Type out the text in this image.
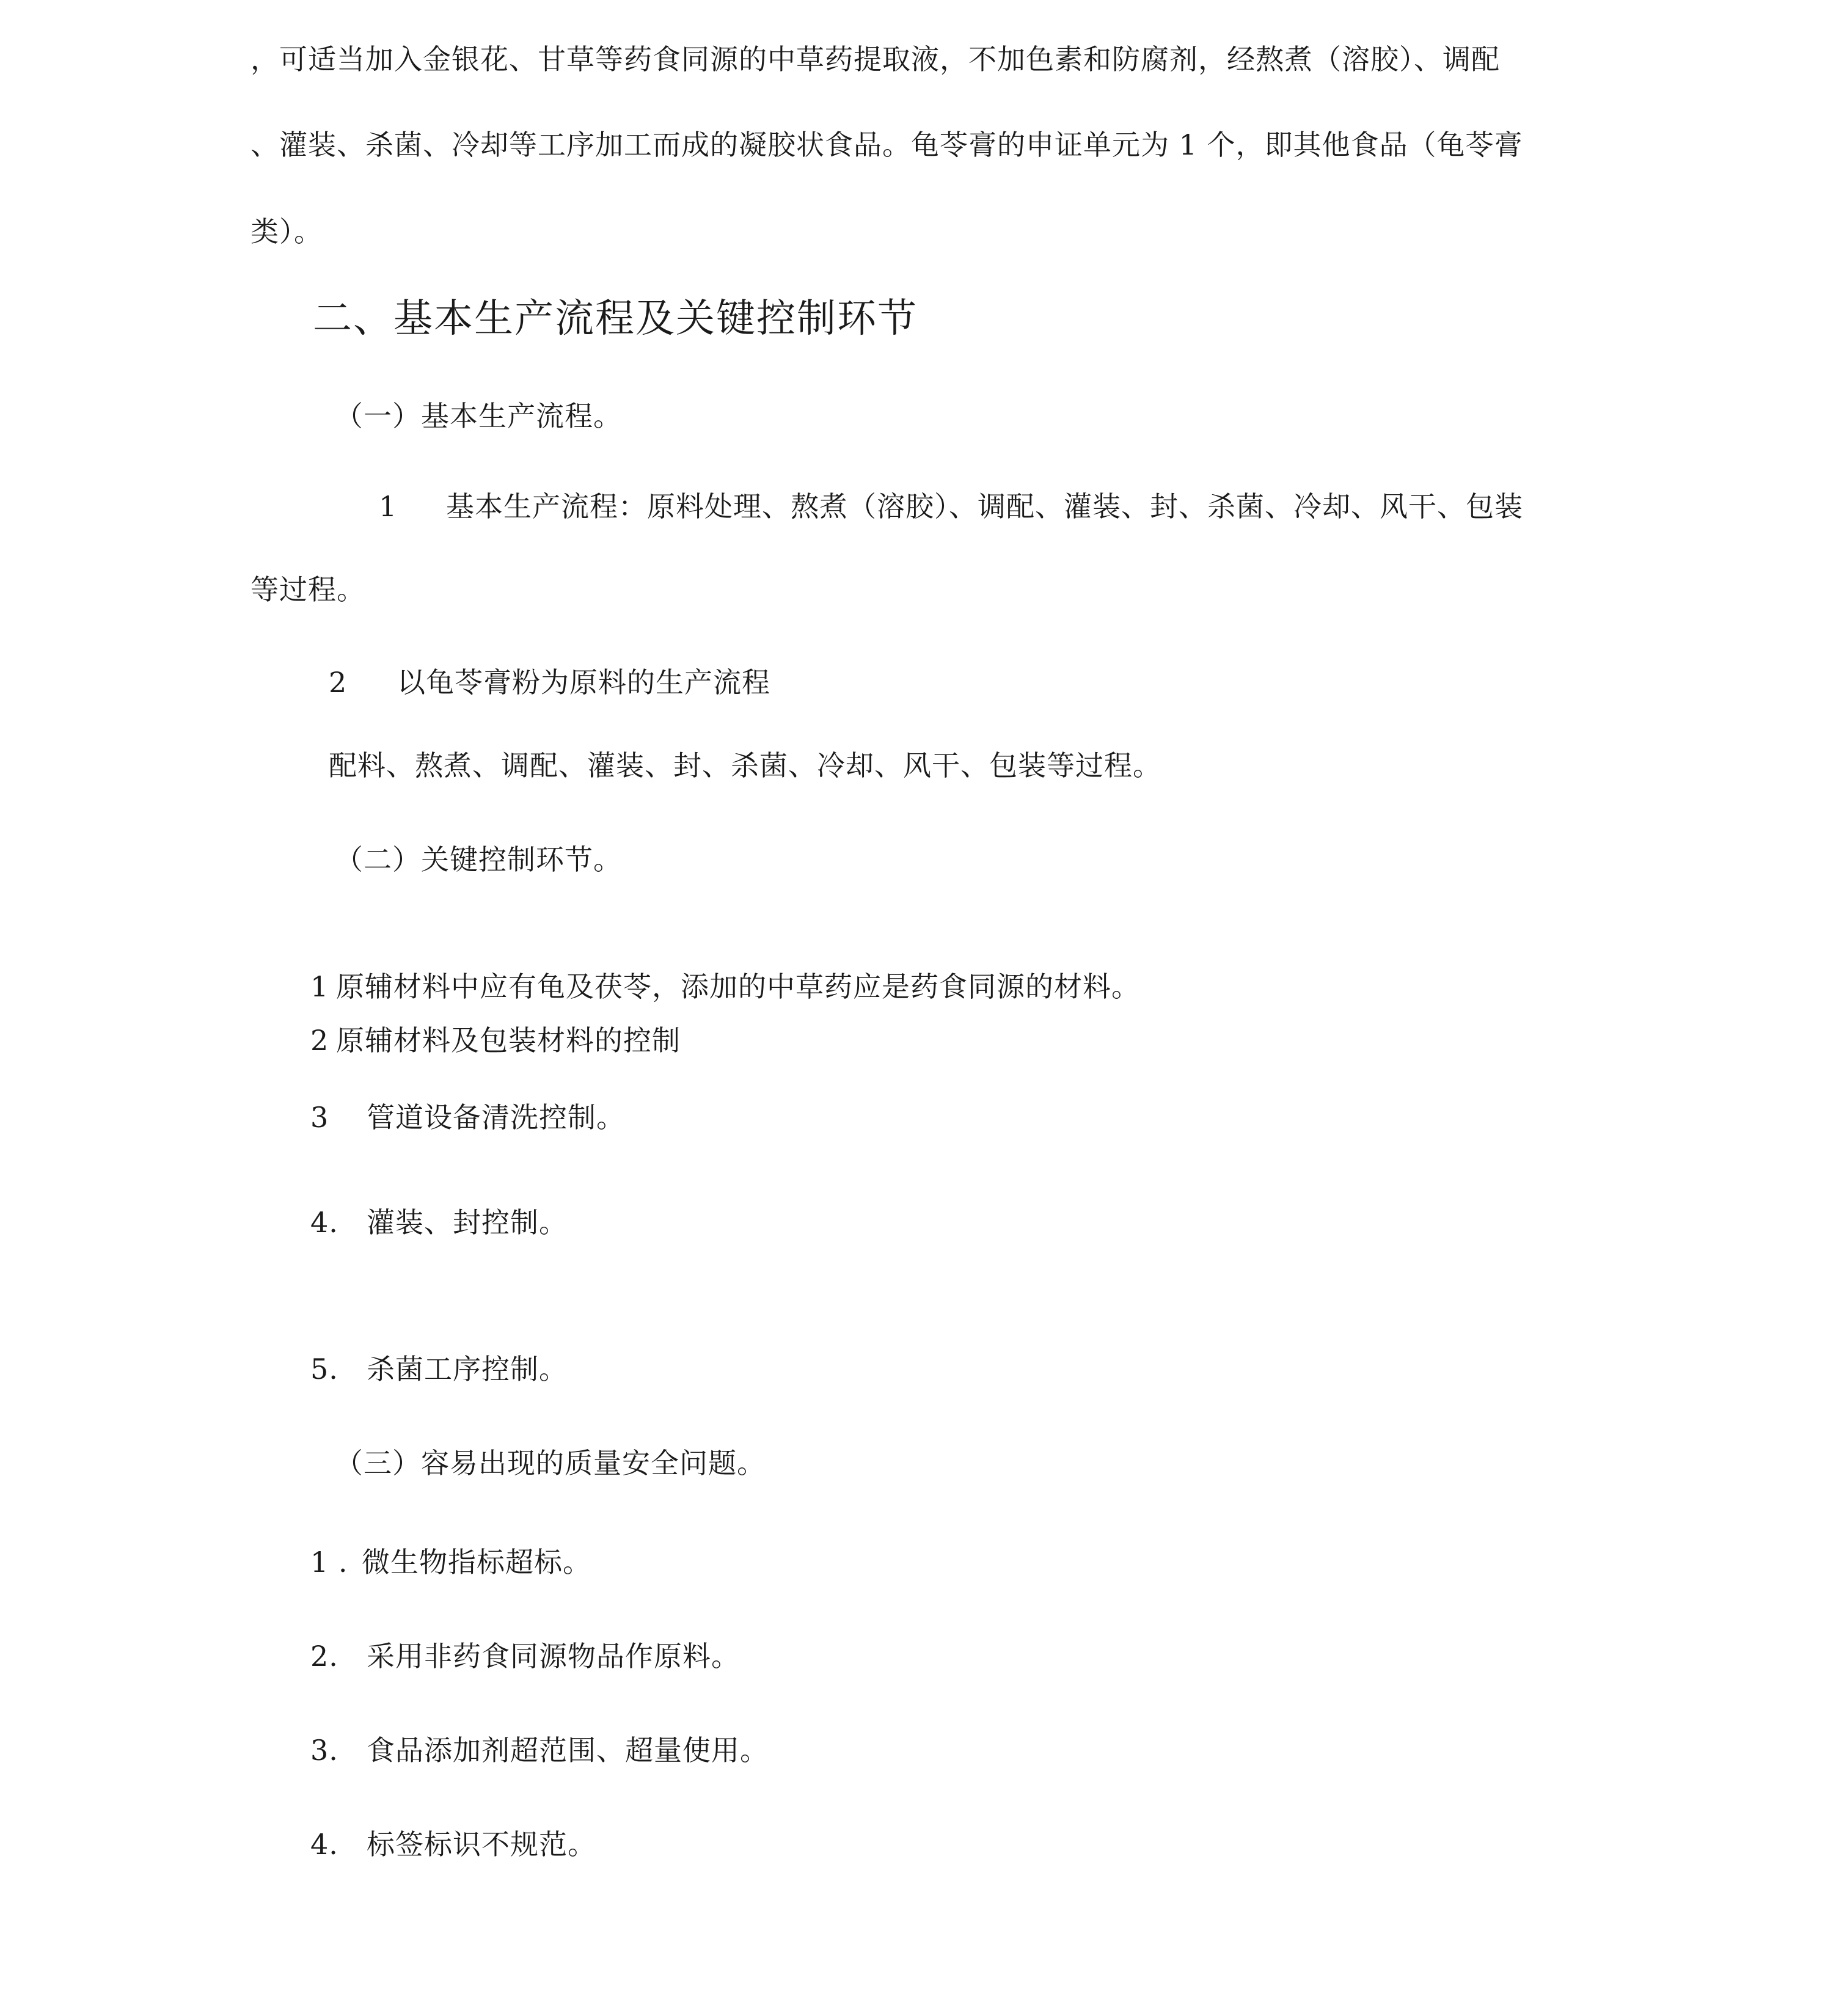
，可适当加入金银花、甘草等药食同源的中草药提取液，不加色素和防腐剂，经熬煮（溶胶）、调配

、灌装、杀菌、冷却等工序加工而成的凝胶状食品。龟苓膏的申证单元为 1 个，即其他食品（龟苓膏

类）。

二、基本生产流程及关键控制环节

（一）基本生产流程。

1 基本生产流程：原料处理、熬煮（溶胶）、调配、灌装、封、杀菌、冷却、风干、包装

等过程。

2 以龟苓膏粉为原料的生产流程

配料、熬煮、调配、灌装、封、杀菌、冷却、风干、包装等过程。

（二）关键控制环节。

1 原辅材料中应有龟及茯苓，添加的中草药应是药食同源的材料。
2 原辅材料及包装材料的控制
3 管道设备清洗控制。
4. 灌装、封控制。
5. 杀菌工序控制。

（三）容易出现的质量安全问题。

1 . 微生物指标超标。
2. 采用非药食同源物品作原料。
3. 食品添加剂超范围、超量使用。
4. 标签标识不规范。
